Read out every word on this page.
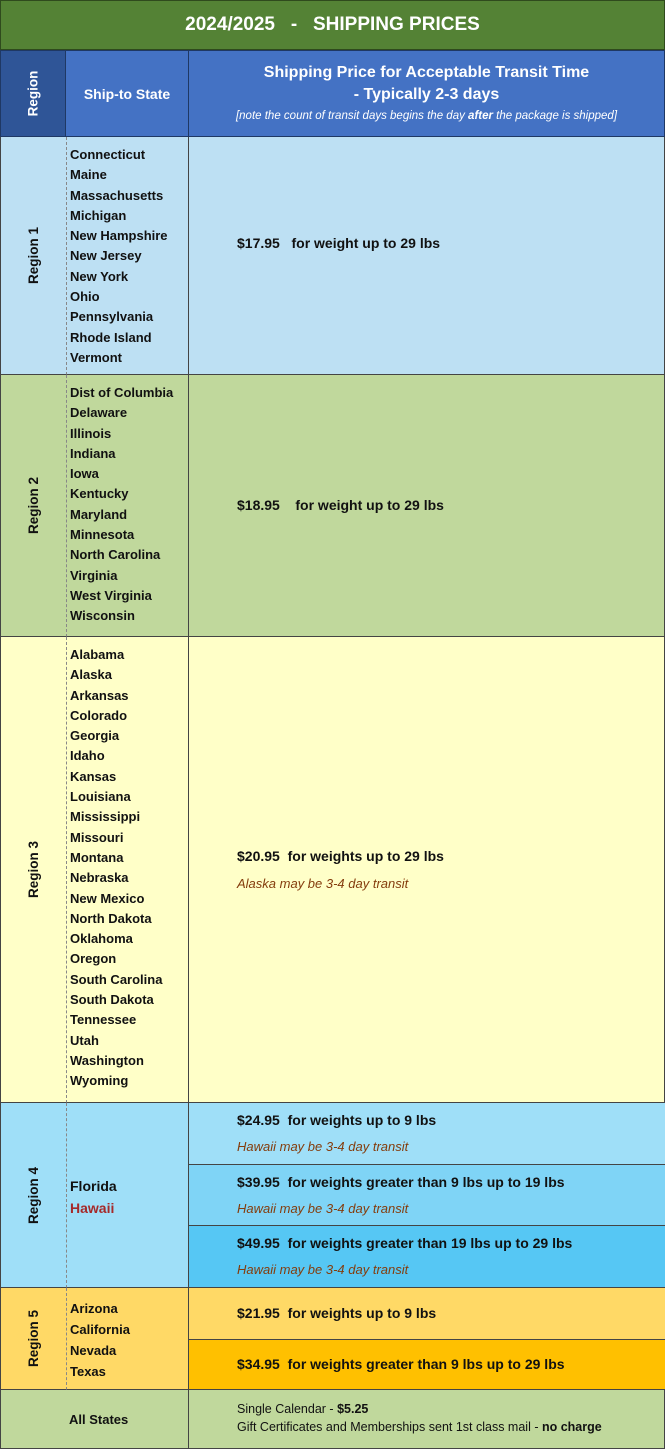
2024/2025   -   SHIPPING PRICES
Region	Ship-to State
Shipping Price for Acceptable Transit Time
- Typically 2-3 days
[note the count of transit days begins the day after the package is shipped]
Region 1
Connecticut
Maine
Massachusetts
Michigan
New Hampshire
New Jersey
New York
Ohio
Pennsylvania
Rhode Island
Vermont
$17.95   for weight up to 29 lbs
Region 2
Dist of Columbia
Delaware
Illinois
Indiana
Iowa
Kentucky
Maryland
Minnesota
North Carolina
Virginia
West Virginia
Wisconsin
$18.95    for weight up to 29 lbs
Region 3
Alabama
Alaska
Arkansas
Colorado
Georgia
Idaho
Kansas
Louisiana
Mississippi
Missouri
Montana
Nebraska
New Mexico
North Dakota
Oklahoma
Oregon
South Carolina
South Dakota
Tennessee
Utah
Washington
Wyoming
$20.95  for weights up to 29 lbs
Alaska may be 3-4 day transit
Region 4 Florida
Hawaii
$24.95  for weights up to 9 lbs
Hawaii may be 3-4 day transit
$39.95  for weights greater than 9 lbs up to 19 lbs
Hawaii may be 3-4 day transit
$49.95  for weights greater than 19 lbs up to 29 lbs
Hawaii may be 3-4 day transit
Region 5
Arizona
California
Nevada
Texas
$21.95  for weights up to 9 lbs
$34.95  for weights greater than 9 lbs up to 29 lbs
All States
Single Calendar - $5.25
Gift Certificates and Memberships sent 1st class mail - no charge
